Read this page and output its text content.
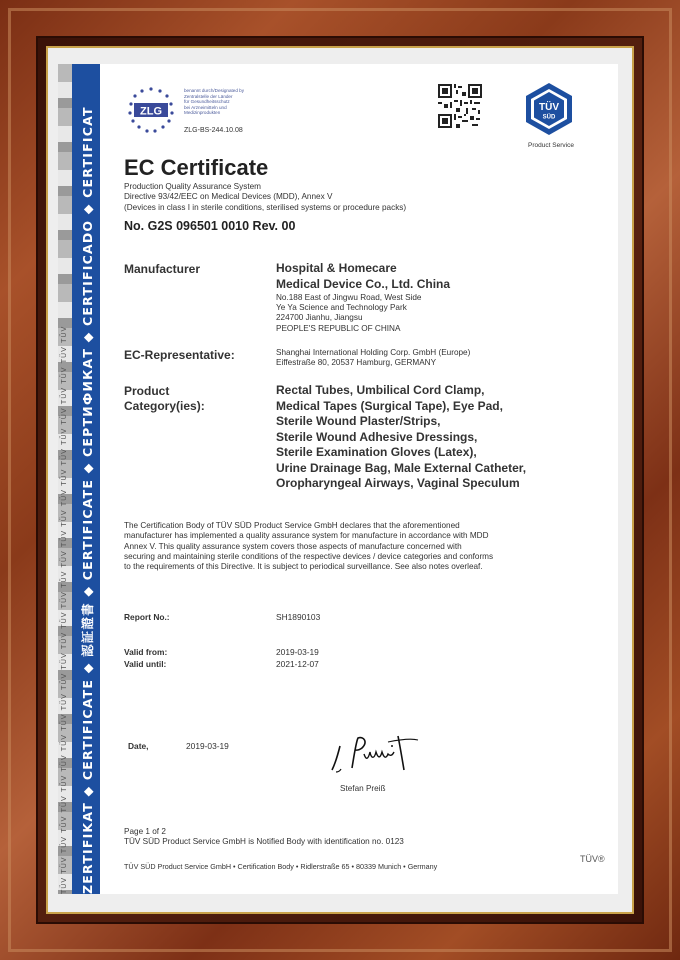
TÜV TÜV TÜV TÜV TÜV TÜV TÜV TÜV TÜV TÜV TÜV TÜV TÜV TÜV TÜV TÜV TÜV TÜV TÜV TÜV TÜV TÜV TÜV TÜV TÜV TÜV TÜV TÜV ZERTIFIKAT ◆ CERTIFICATE ◆ 認証證書 ◆ CERTIFICATE ◆ СЕРТИФИКАТ ◆ CERTIFICADO ◆ CERTIFICAT	ZLG
benannt durch/Designated by
Zentralstelle der Länder
für Gesundheitsschutz
bei Arzneimitteln und
Medizinprodukten
ZLG-BS-244.10.08
TÜV
SÜD
Product Service
EC Certificate
Production Quality Assurance System
Directive 93/42/EEC on Medical Devices (MDD), Annex V
(Devices in class I in sterile conditions, sterilised systems or procedure packs)
No. G2S 096501 0010 Rev. 00
Manufacturer	Hospital & Homecare
Medical Device Co., Ltd. China
No.188 East of Jingwu Road, West Side
Ye Ya Science and Technology Park
224700 Jianhu, Jiangsu
PEOPLE'S REPUBLIC OF CHINA
EC-Representative:	Shanghai International Holding Corp. GmbH (Europe)
Eiffestraße 80, 20537 Hamburg, GERMANY
Product
Category(ies):
Rectal Tubes, Umbilical Cord Clamp,
Medical Tapes (Surgical Tape), Eye Pad,
Sterile Wound Plaster/Strips,
Sterile Wound Adhesive Dressings,
Sterile Examination Gloves (Latex),
Urine Drainage Bag, Male External Catheter,
Oropharyngeal Airways, Vaginal Speculum
The Certification Body of TÜV SÜD Product Service GmbH declares that the aforementioned
manufacturer has implemented a quality assurance system for manufacture in accordance with MDD
Annex V. This quality assurance system covers those aspects of manufacture concerned with
securing and maintaining sterile conditions of the respective devices / device categories and conforms
to the requirements of this Directive. It is subject to periodical surveillance. See also notes overleaf.
Report No.:	SH1890103
Valid from:	2019-03-19
Valid until:	2021-12-07
Date,	2019-03-19
Stefan Preiß
Page 1 of 2
TÜV SÜD Product Service GmbH is Notified Body with identification no. 0123
TÜV SÜD Product Service GmbH • Certification Body • Ridlerstraße 65 • 80339 Munich • Germany
TÜV®
